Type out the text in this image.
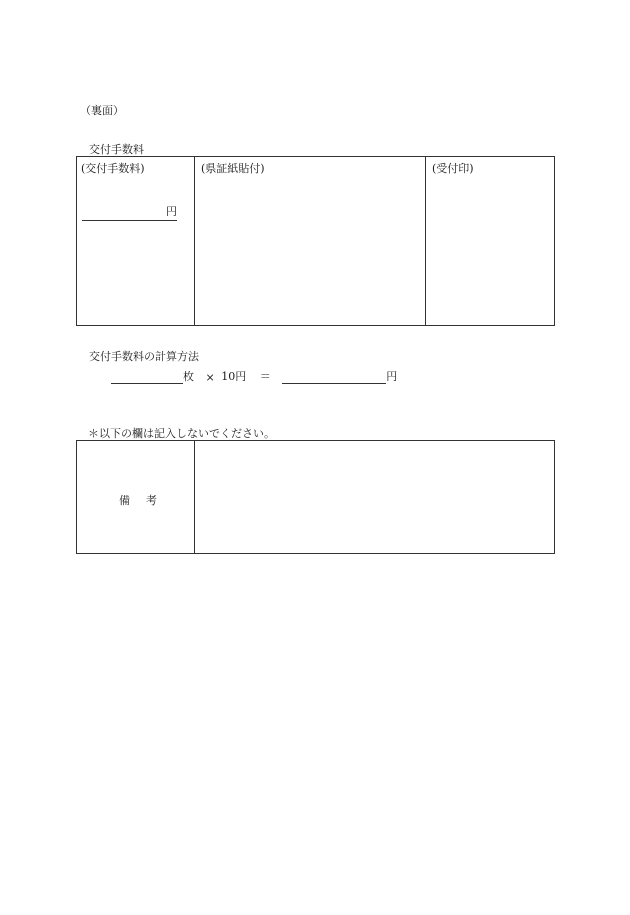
（裏面）
交付手数料
(交付手数料)
円
(県証紙貼付)	(受付印)
交付手数料の計算方法
枚 × 10円 ＝	円
＊以下の欄は記入しないでください。
備考
